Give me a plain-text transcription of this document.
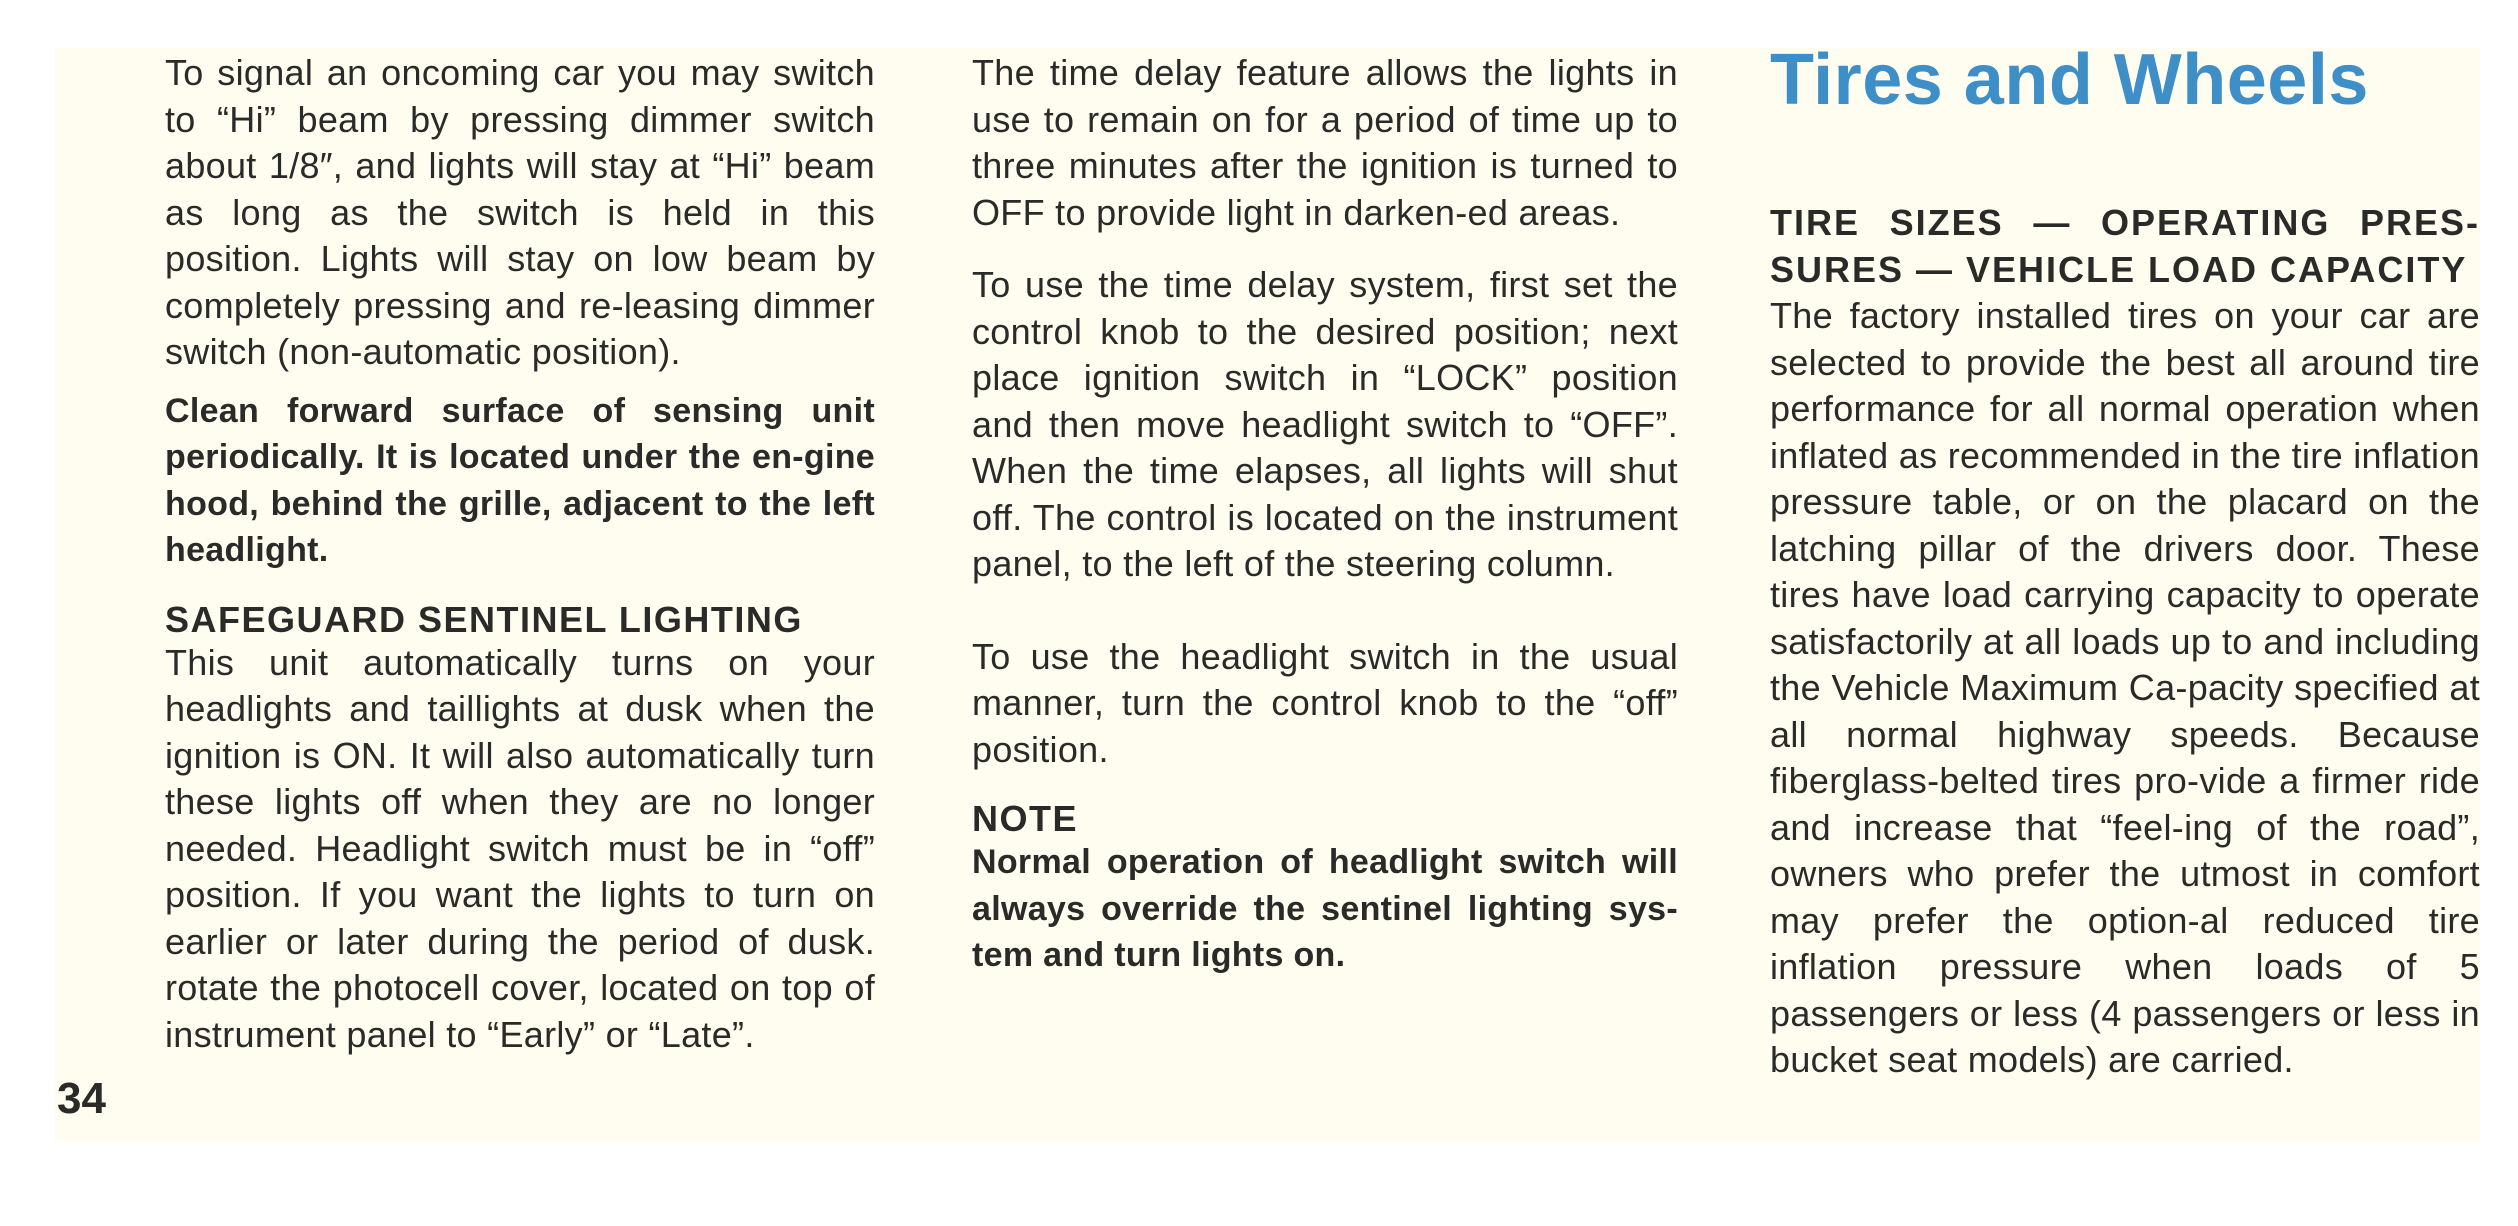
To signal an oncoming car you may switch to “Hi” beam by pressing dimmer switch about 1/8″, and lights will stay at “Hi” beam as long as the switch is held in this position. Lights will stay on low beam by completely pressing and re-leasing dimmer switch (non-automatic position).

Clean forward surface of sensing unit periodically. It is located under the en-gine hood, behind the grille, adjacent to the left headlight.

SAFEGUARD SENTINEL LIGHTING

This unit automatically turns on your headlights and taillights at dusk when the ignition is ON. It will also automatically turn these lights off when they are no longer needed. Headlight switch must be in “off” position. If you want the lights to turn on earlier or later during the period of dusk. rotate the photocell cover, located on top of instrument panel to “Early” or “Late”.

The time delay feature allows the lights in use to remain on for a period of time up to three minutes after the ignition is turned to OFF to provide light in darken-ed areas.

To use the time delay system, first set the control knob to the desired position; next place ignition switch in “LOCK” position and then move headlight switch to “OFF”. When the time elapses, all lights will shut off. The control is located on the instrument panel, to the left of the steering column.

To use the headlight switch in the usual manner, turn the control knob to the “off” position.

NOTE

Normal operation of headlight switch will always override the sentinel lighting sys-tem and turn lights on.

Tires and Wheels

TIRE SIZES — OPERATING PRES-SURES — VEHICLE LOAD CAPACITY

The factory installed tires on your car are selected to provide the best all around tire performance for all normal operation when inflated as recommended in the tire inflation pressure table, or on the placard on the latching pillar of the drivers door. These tires have load carrying capacity to operate satisfactorily at all loads up to and including the Vehicle Maximum Ca-pacity specified at all normal highway speeds. Because fiberglass-belted tires pro-vide a firmer ride and increase that “feel-ing of the road”, owners who prefer the utmost in comfort may prefer the option-al reduced tire inflation pressure when loads of 5 passengers or less (4 passengers or less in bucket seat models) are carried.

34
